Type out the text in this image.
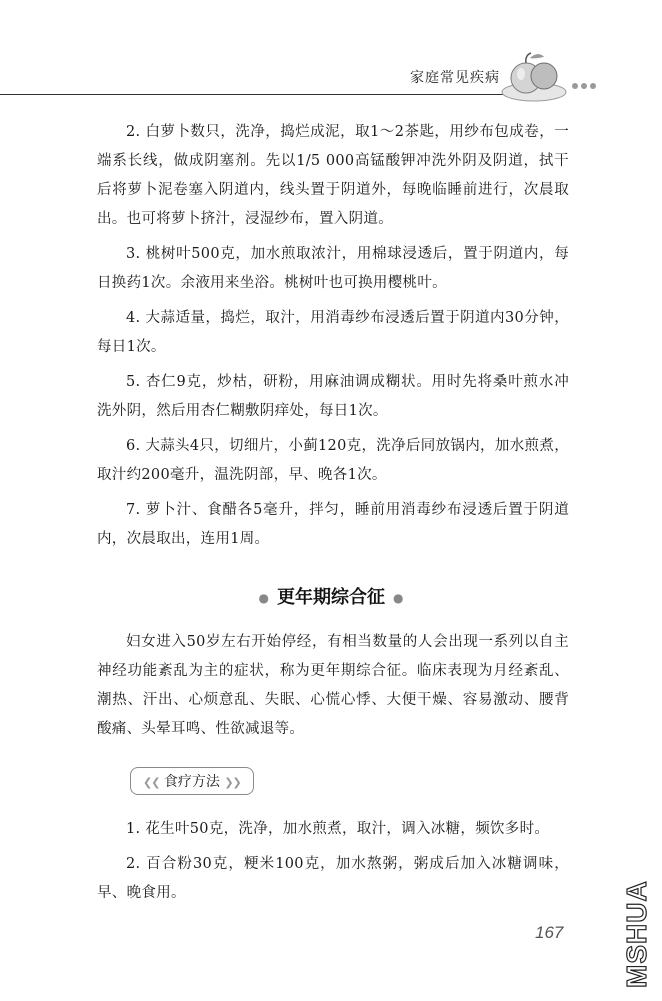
家庭常见疾病

2. 白萝卜数只，洗净，捣烂成泥，取1～2茶匙，用纱布包成卷，一端系长线，做成阴塞剂。先以1/5 000高锰酸钾冲洗外阴及阴道，拭干后将萝卜泥卷塞入阴道内，线头置于阴道外，每晚临睡前进行，次晨取出。也可将萝卜挤汁，浸湿纱布，置入阴道。

3. 桃树叶500克，加水煎取浓汁，用棉球浸透后，置于阴道内，每日换药1次。余液用来坐浴。桃树叶也可换用樱桃叶。

4. 大蒜适量，捣烂，取汁，用消毒纱布浸透后置于阴道内30分钟，每日1次。

5. 杏仁9克，炒枯，研粉，用麻油调成糊状。用时先将桑叶煎水冲洗外阴，然后用杏仁糊敷阴痒处，每日1次。

6. 大蒜头4只，切细片，小蓟120克，洗净后同放锅内，加水煎煮，取汁约200毫升，温洗阴部，早、晚各1次。

7. 萝卜汁、食醋各5毫升，拌匀，睡前用消毒纱布浸透后置于阴道内，次晨取出，连用1周。

● 更年期综合征 ●

妇女进入50岁左右开始停经，有相当数量的人会出现一系列以自主神经功能紊乱为主的症状，称为更年期综合征。临床表现为月经紊乱、潮热、汗出、心烦意乱、失眠、心慌心悸、大便干燥、容易激动、腰背酸痛、头晕耳鸣、性欲减退等。

❮❮ 食疗方法 ❯❯

1. 花生叶50克，洗净，加水煎煮，取汁，调入冰糖，频饮多时。

2. 百合粉30克，粳米100克，加水熬粥，粥成后加入冰糖调味，早、晚食用。

167 MSHUA
